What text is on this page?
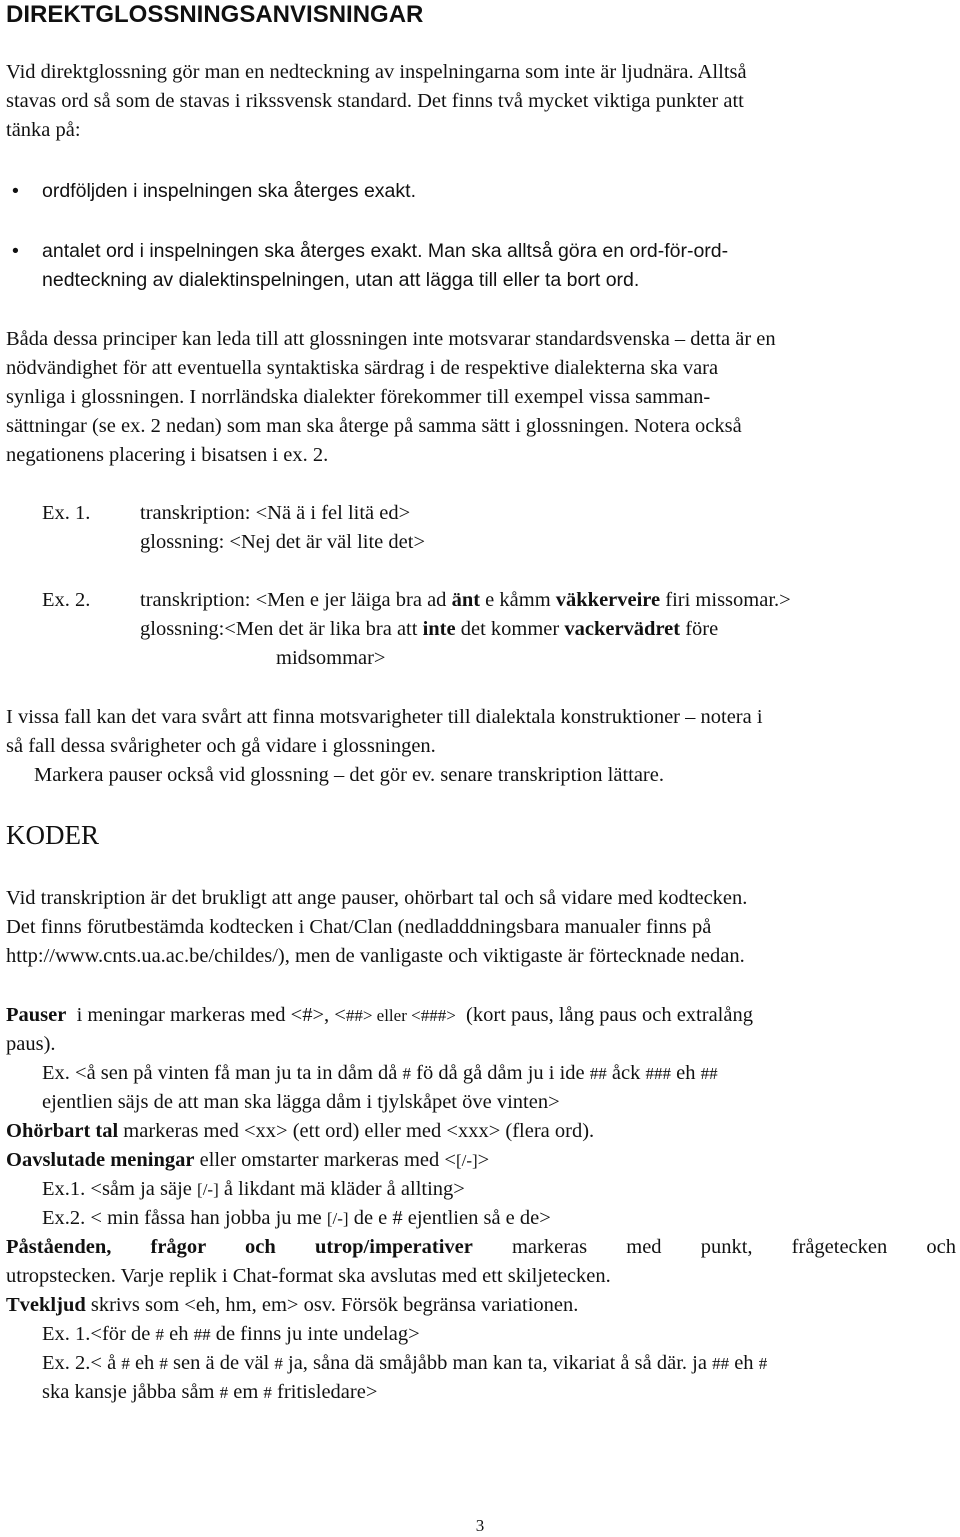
DIREKTGLOSSNINGSANVISNINGAR
Vid direktglossning gör man en nedteckning av inspelningarna som inte är ljudnära. Alltså
stavas ord så som de stavas i rikssvensk standard. Det finns två mycket viktiga punkter att
tänka på:
• ordföljden i inspelningen ska återges exakt.
• antalet ord i inspelningen ska återges exakt. Man ska alltså göra en ord-för-ord-
nedteckning av dialektinspelningen, utan att lägga till eller ta bort ord.
Båda dessa principer kan leda till att glossningen inte motsvarar standardsvenska – detta är en
nödvändighet för att eventuella syntaktiska särdrag i de respektive dialekterna ska vara
synliga i glossningen. I norrländska dialekter förekommer till exempel vissa samman-
sättningar (se ex. 2 nedan) som man ska återge på samma sätt i glossningen. Notera också
negationens placering i bisatsen i ex. 2.
Ex. 1. transkription: <Nä ä i fel litä ed>
glossning: <Nej det är väl lite det>
Ex. 2. transkription: <Men e jer läiga bra ad änt e kåmm väkkerveire firi missomar.>
glossning:<Men det är lika bra att inte det kommer vackervädret före
midsommar>
I vissa fall kan det vara svårt att finna motsvarigheter till dialektala konstruktioner – notera i
så fall dessa svårigheter och gå vidare i glossningen.
Markera pauser också vid glossning – det gör ev. senare transkription lättare.
KODER
Vid transkription är det brukligt att ange pauser, ohörbart tal och så vidare med kodtecken.
Det finns förutbestämda kodtecken i Chat/Clan (nedladddningsbara manualer finns på
http://www.cnts.ua.ac.be/childes/), men de vanligaste och viktigaste är förtecknade nedan.
Pauser  i meningar markeras med <#>, <##> eller <###>  (kort paus, lång paus och extralång
paus).
Ex. <å sen på vinten få man ju ta in dåm då # fö då gå dåm ju i ide ## åck ### eh ##
ejentlien säjs de att man ska lägga dåm i tjylskåpet öve vinten>
Ohörbart tal markeras med <xx> (ett ord) eller med <xxx> (flera ord).
Oavslutade meningar eller omstarter markeras med <[/-]>
Ex.1. <såm ja säje [/-] å likdant mä kläder å allting>
Ex.2. < min fåssa han jobba ju me [/-] de e # ejentlien så e de>
Påståenden, frågor och utrop/imperativer markeras med punkt, frågetecken och
utropstecken. Varje replik i Chat-format ska avslutas med ett skiljetecken.
Tvekljud skrivs som <eh, hm, em> osv. Försök begränsa variationen.
Ex. 1.<för de # eh ## de finns ju inte undelag>
Ex. 2.< å # eh # sen ä de väl # ja, såna dä småjåbb man kan ta, vikariat å så där. ja ## eh #
ska kansje jåbba såm # em # fritisledare>
3
